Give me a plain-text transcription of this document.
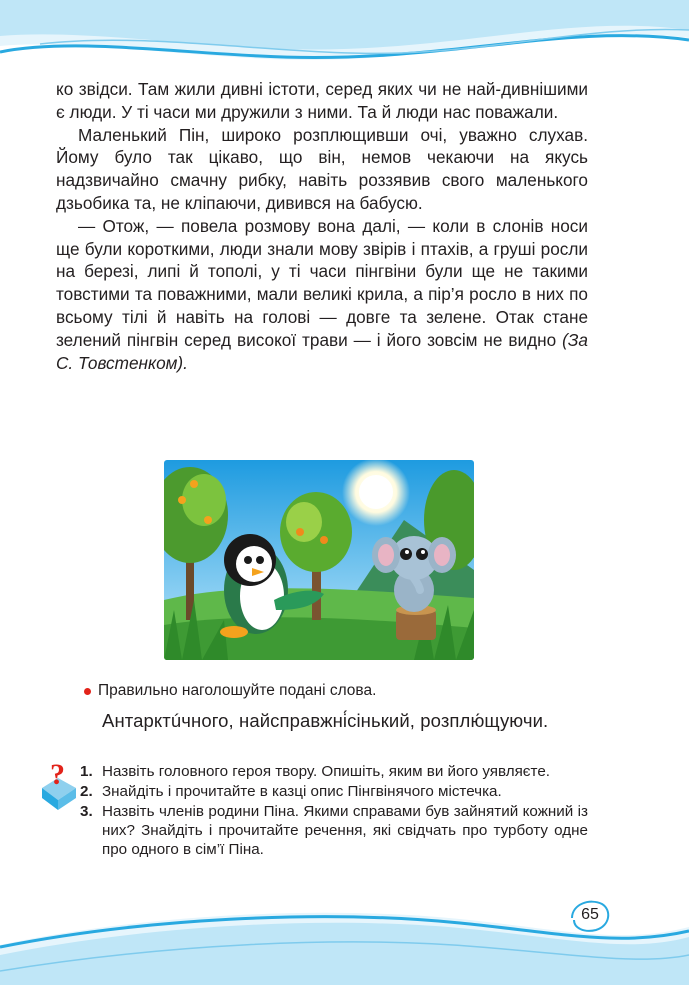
ко звідси. Там жили дивні істоти, серед яких чи не най-дивнішими є люди. У ті часи ми дружили з ними. Та й люди нас поважали.

Маленький Пін, широко розплющивши очі, уважно слухав. Йому було так цікаво, що він, немов чекаючи на якусь надзвичайно смачну рибку, навіть роззявив свого маленького дзьобика та, не кліпаючи, дивився на бабусю.

— Отож, — повела розмову вона далі, — коли в слонів носи ще були короткими, люди знали мову звірів і птахів, а груші росли на березі, липі й тополі, у ті часи пінгвіни були ще не такими товстими та поважними, мали великі крила, а пір’я росло в них по всьому тілі й навіть на голові — довге та зелене. Отак стане зелений пінгвін серед високої трави — і його зовсім не видно (За С. Товстенком).

Правильно наголошуйте подані слова.
Антарктúчного, найсправжні́сінький, розплю́щуючи.
? 1. Назвіть головного героя твору. Опишіть, яким ви його уявляєте.
2. Знайдіть і прочитайте в казці опис Пінгвінячого містечка.
3. Назвіть членів родини Піна. Якими справами був зайнятий кожний із них? Знайдіть і прочитайте речення, які свідчать про турботу одне про одного в сім’ї Піна.
65
